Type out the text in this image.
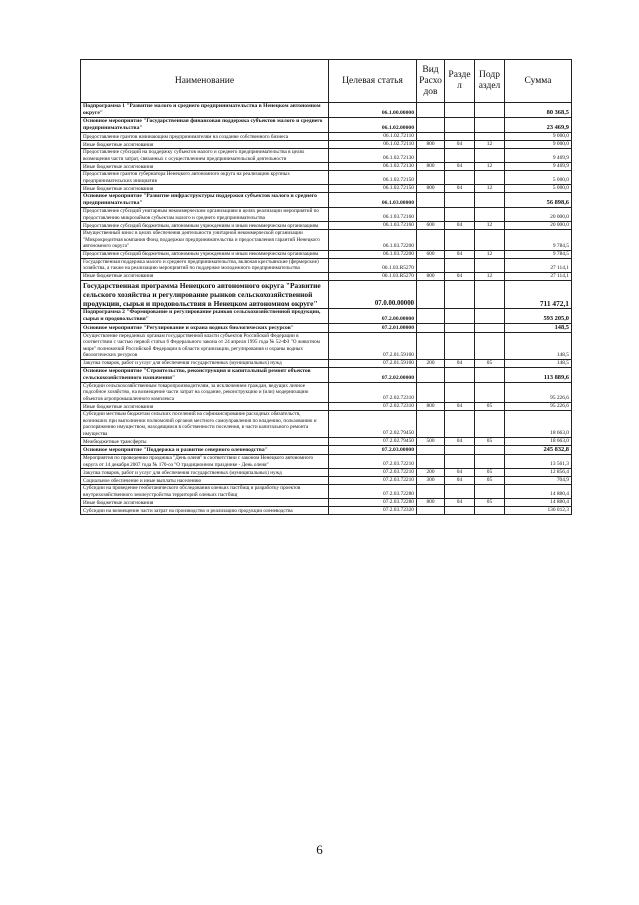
Наименование	Целевая статья	Вид Расхо дов	Разде л	Подр аздел	Сумма
Подпрограмма 1 "Развитие малого и среднего предпринимательства в Ненецком автономном округе"	06.1.00.00000				80 368,5
Основное мероприятие "Государственная финансовая поддержка субъектов малого и среднего предпринимательства"	06.1.02.00000				23 469,9
Предоставление грантов начинающим предпринимателям на создание собственного бизнеса	06.1.02.72110				9 000,0
Иные бюджетные ассигнования	06.1.02.72110	800	04	12	9 000,0
Предоставление субсидий на поддержку субъектов малого и среднего предпринимательства в целях возмещения части затрат, связанных с осуществлением предпринимательской деятельности	06.1.02.72130				9 469,9
Иные бюджетные ассигнования	06.1.02.72130	800	04	12	9 469,9
Предоставление грантов губернатора Ненецкого автономного округа на реализацию крупных предпринимательских инициатив	06.1.02.72150				5 000,0
Иные бюджетные ассигнования	06.1.02.72150	800	04	12	5 000,0
Основное мероприятие "Развитие инфраструктуры поддержки субъектов малого и среднего предпринимательства"	06.1.03.00000				56 898,6
Предоставление субсидий унитарным некоммерческим организациям в целях реализации мероприятий по предоставлению микрозаймов субъектам малого и среднего предпринимательства	06.1.03.72160				20 000,0
Предоставление субсидий бюджетным, автономным учреждениям и иным некоммерческим организациям	06.1.03.72160	600	04	12	20 000,0
Имущественный взнос в целях обеспечения деятельности унитарной некоммерческой организации "Микрокредитная компания Фонд поддержки предпринимательства и предоставления гарантий Ненецкого автономного округа"	06.1.03.72200				9 784,5
Предоставление субсидий бюджетным, автономным учреждениям и иным некоммерческим организациям	06.1.03.72200	600	04	12	9 784,5
Государственная поддержка малого и среднего предпринимательства, включая крестьянские (фермерские) хозяйства, а также на реализацию мероприятий по поддержке молодежного предпринимательства	06.1.03.R5270				27 114,1
Иные бюджетные ассигнования	06.1.03.R5270	800	04	12	27 114,1
Государственная программа Ненецкого автономного округа "Развитие сельского хозяйства и регулирование рынков сельскохозяйственной продукции, сырья и продовольствия в Ненецком автономном округе"	07.0.00.00000				711 472,1
Подпрограмма 2 "Формирование и регулирование рынков сельскохозяйственной продукции, сырья и продовольствия"	07.2.00.00000				593 205,0
Основное мероприятие "Регулирование и охрана водных биологических ресурсов"	07.2.01.00000				148,5
Осуществление переданных органам государственной власти субъектов Российской Федерации в соответствии с частью первой статьи 6 Федерального закона от 24 апреля 1995 года № 52-ФЗ "О животном мире" полномочий Российской Федерации в области организации, регулирования и охраны водных биологических ресурсов	07.2.01.59100				148,5
Закупка товаров, работ и услуг для обеспечения государственных (муниципальных) нужд	07.2.01.59100	200	04	05	148,5
Основное мероприятие "Строительство, реконструкция и капитальный ремонт объектов сельскохозяйственного назначения"	07.2.02.00000				113 889,6
Субсидии сельскохозяйственным товаропроизводителям, за исключением граждан, ведущих личное подсобное хозяйство, на возмещение части затрат на создание, реконструкцию и (или) модернизацию объектов агропромышленного комплекса	07.2.02.72310				95 226,6
Иные бюджетные ассигнования	07.2.02.72310	800	04	05	95 226,6
Субсидии местным бюджетам сельских поселений на софинансирование расходных обязательств, возникших при выполнении полномочий органов местного самоуправления по владению, пользованию и распоряжению имуществом, находящимся в собственности поселения, в части капитального ремонта имущества	07.2.02.79450				18 663,0
Межбюджетные трансферты	07.2.02.79450	500	04	05	18 663,0
Основное мероприятие "Поддержка и развитие северного оленеводства"	07.2.03.00000				245 832,8
Мероприятия по проведению праздника "День оленя" в соответствии с законом Ненецкого автономного округа от 14 декабря 2007 года № 170-оз "О традиционном празднике - День оленя"	07.2.03.72210				13 561,3
Закупка товаров, работ и услуг для обеспечения государственных (муниципальных) нужд	07.2.03.72210	200	04	05	12 856,4
Социальное обеспечение и иные выплаты населению	07.2.03.72210	300	04	05	704,9
Субсидии на проведение геоботанического обследования оленьих пастбищ и разработку проектов внутрихозяйственного землеустройства территорий оленьих пастбищ	07.2.03.72280				14 880,4
Иные бюджетные ассигнования	07.2.03.72280	800	04	05	14 880,4
Субсидии на возмещение части затрат на производство и реализацию продукции оленеводства	07.2.03.72320				136 012,3
6
